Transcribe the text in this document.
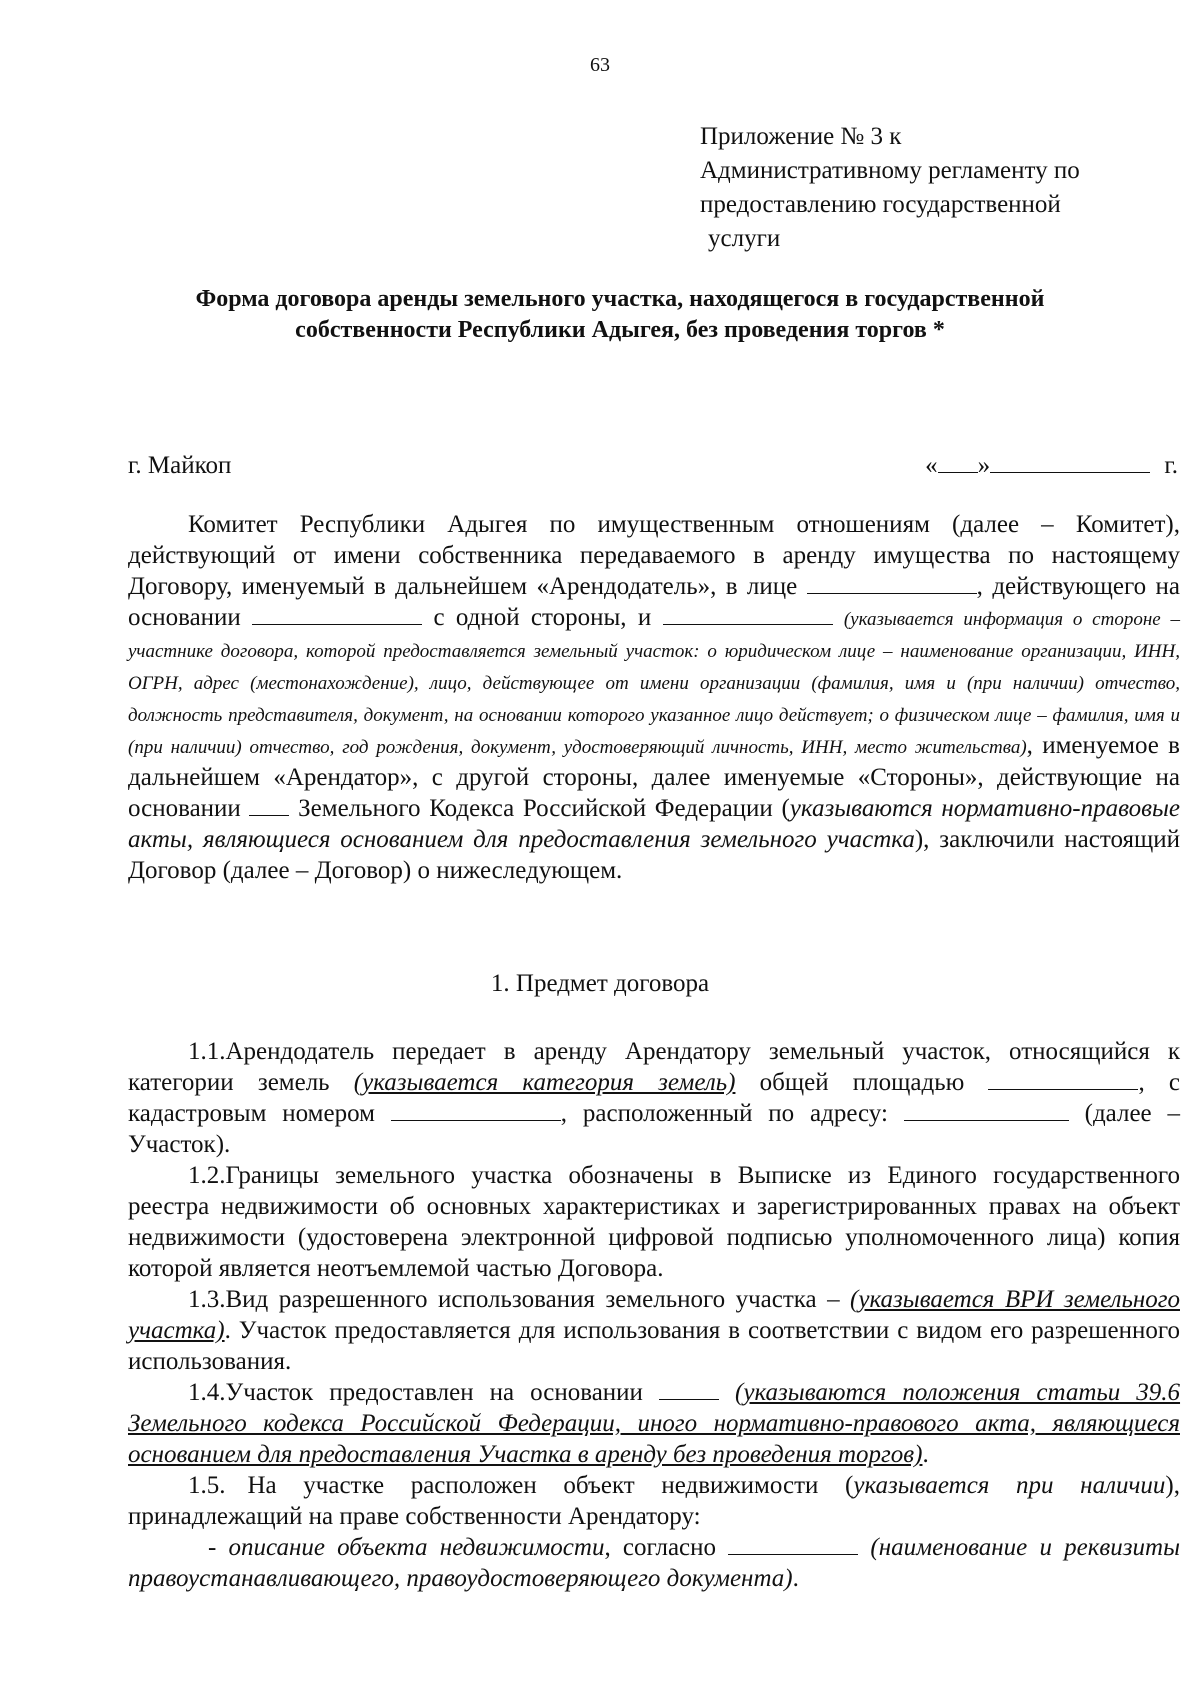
63
Приложение № 3 к
Административному регламенту по
предоставлению государственной
услуги
Форма договора аренды земельного участка, находящегося в государственной
собственности Республики Адыгея, без проведения торгов *
г. Майкоп	« »	г.

Комитет Республики Адыгея по имущественным отношениям (далее – Комитет), действующий от имени собственника передаваемого в аренду имущества по настоящему Договору, именуемый в дальнейшем «Арендодатель», в лице	, действующего на основании	с одной стороны, и	(указывается информация о стороне – участнике договора, которой предоставляется земельный участок: о юридическом лице – наименование организации, ИНН, ОГРН, адрес (местонахождение), лицо, действующее от имени организации (фамилия, имя и (при наличии) отчество, должность представителя, документ, на основании которого указанное лицо действует; о физическом лице – фамилия, имя и (при наличии) отчество, год рождения, документ, удостоверяющий личность, ИНН, место жительства), именуемое в дальнейшем «Арендатор», с другой стороны, далее именуемые «Стороны», действующие на основании Земельного Кодекса Российской Федерации (указываются нормативно-правовые акты, являющиеся основанием для предоставления земельного участка), заключили настоящий Договор (далее – Договор) о нижеследующем.

1. Предмет договора

1.1.Арендодатель передает в аренду Арендатору земельный участок, относящийся к категории земель (указывается категория земель) общей площадью	, с кадастровым номером	, расположенный по адресу:	(далее – Участок).

1.2.Границы земельного участка обозначены в Выписке из Единого государственного реестра недвижимости об основных характеристиках и зарегистрированных правах на объект недвижимости (удостоверена электронной цифровой подписью уполномоченного лица) копия которой является неотъемлемой частью Договора.

1.3.Вид разрешенного использования земельного участка – (указывается ВРИ земельного участка). Участок предоставляется для использования в соответствии с видом его разрешенного использования.

1.4.Участок предоставлен на основании	(указываются положения статьи 39.6 Земельного кодекса Российской Федерации, иного нормативно-правового акта, являющиеся основанием для предоставления Участка в аренду без проведения торгов).

1.5. На участке расположен объект недвижимости (указывается при наличии), принадлежащий на праве собственности Арендатору:

- описание объекта недвижимости, согласно	(наименование и реквизиты правоустанавливающего, правоудостоверяющего документа).
